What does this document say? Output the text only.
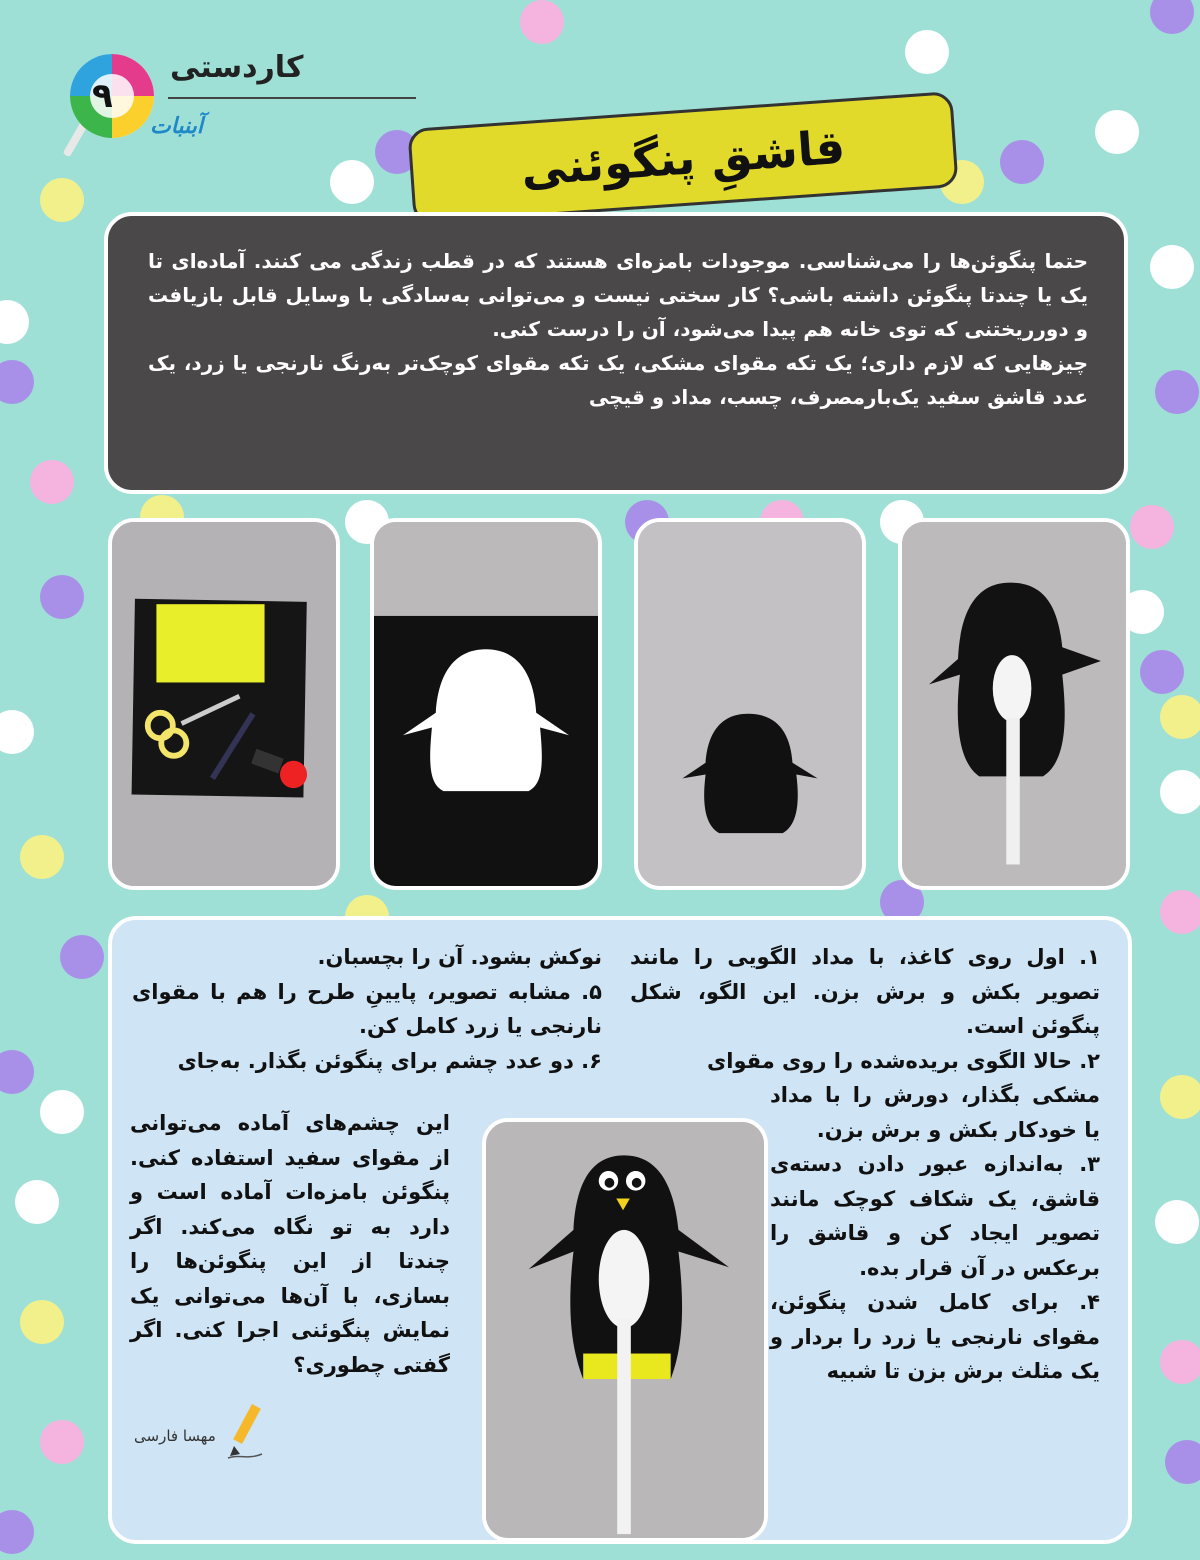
۹
کاردستی
آبنبات	قاشقِ پنگوئنی

حتما پنگوئن‌ها را می‌شناسی. موجودات بامزه‌ای هستند که در قطب زندگی می کنند. آماده‌ای تا یک یا چندتا پنگوئن داشته باشی؟ کار سختی نیست و می‌توانی به‌سادگی با وسایل قابل بازیافت و دورریختنی که توی خانه هم پیدا می‌شود، آن را درست کنی.

چیزهایی که لازم داری؛ یک تکه مقوای مشکی، یک تکه مقوای کوچک‌تر به‌رنگ نارنجی یا زرد، یک عدد قاشق سفید یک‌بارمصرف، چسب، مداد و قیچی

۱. اول روی کاغذ، با مداد الگویی را مانند تصویر بکش و برش بزن. این الگو، شکل پنگوئن است.

۲. حالا الگوی بریده‌شده را روی مقوای

مشکی بگذار، دورش را با مداد یا خودکار بکش و برش بزن.

۳. به‌اندازه عبور دادن دسته‌ی قاشق، یک شکاف کوچک مانند تصویر ایجاد کن و قاشق را برعکس در آن قرار بده.

۴. برای کامل شدن پنگوئن، مقوای نارنجی یا زرد را بردار و یک مثلث برش بزن تا شبیه

نوکش بشود. آن را بچسبان.

۵. مشابه تصویر، پایینِ طرح را هم با مقوای نارنجی یا زرد کامل کن.

۶. دو عدد چشم برای پنگوئن بگذار. به‌جای

این چشم‌های آماده می‌توانی از مقوای سفید استفاده کنی. پنگوئن بامزه‌ات آماده است و دارد به تو نگاه می‌کند. اگر چندتا از این پنگوئن‌ها را بسازی، با آن‌ها می‌توانی یک نمایش پنگوئنی اجرا کنی. اگر گفتی چطوری؟

مهسا فارسی
